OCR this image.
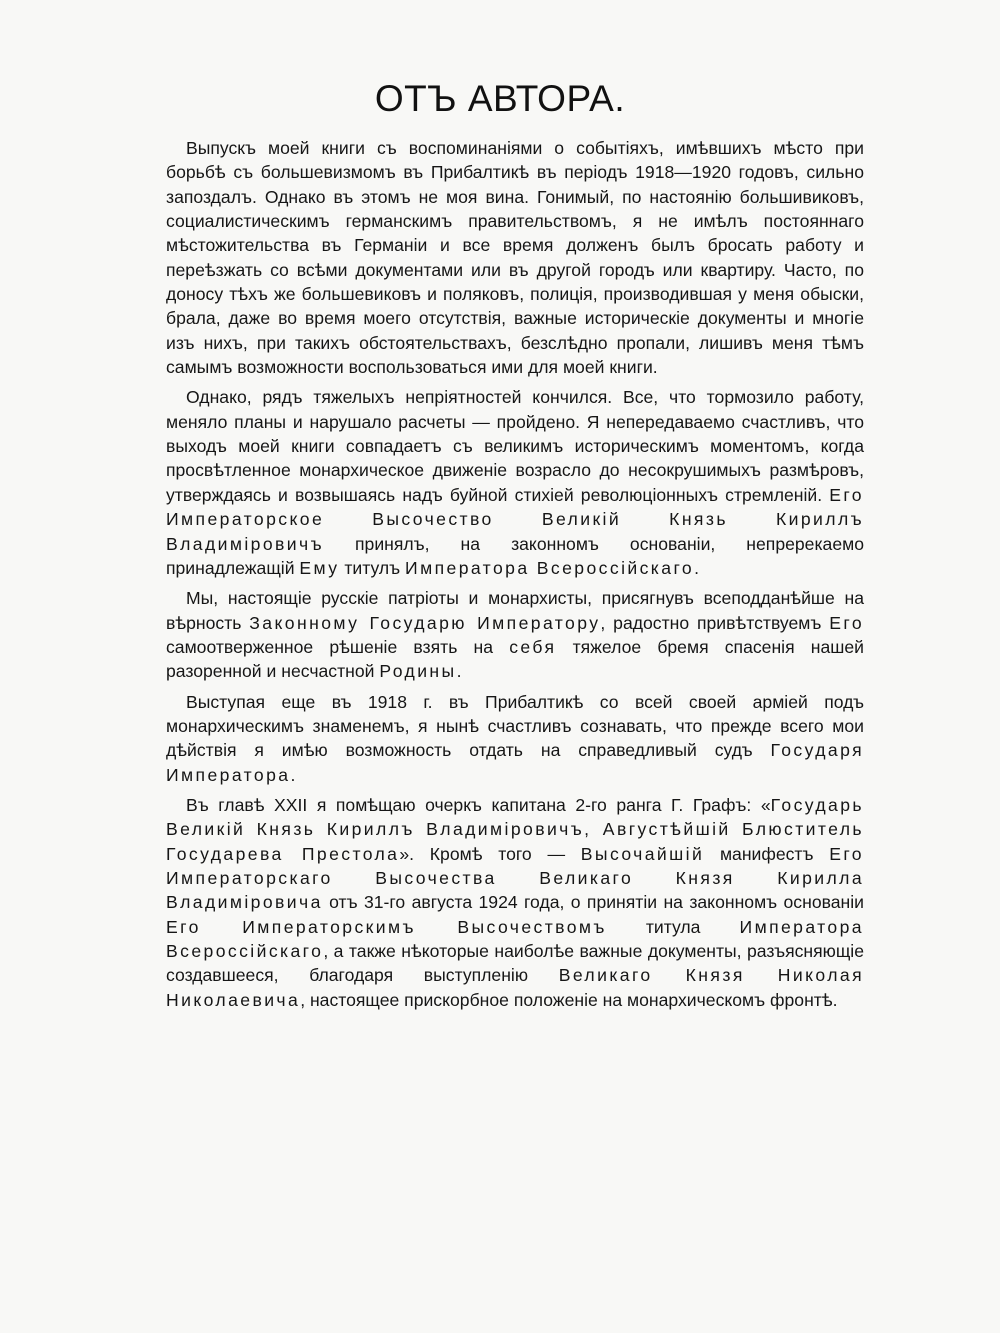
ОТЪ АВТОРА.

Выпускъ моей книги съ воспоминаніями о событіяхъ, имѣвшихъ мѣсто при борьбѣ съ большевизмомъ въ Прибалтикѣ въ періодъ 1918—1920 годовъ, сильно запоздалъ. Однако въ этомъ не моя вина. Гонимый, по настоянію большивиковъ, социалистическимъ германскимъ правительствомъ, я не имѣлъ постояннаго мѣстожительства въ Германіи и все время долженъ былъ бросать работу и переѣзжать со всѣми документами или въ другой городъ или квартиру. Часто, по доносу тѣхъ же большевиковъ и поляковъ, полиція, производившая у меня обыски, брала, даже во время моего отсутствія, важные историческіе документы и многіе изъ нихъ, при такихъ обстоятельствахъ, безслѣдно пропали, лишивъ меня тѣмъ самымъ возможности воспользоваться ими для моей книги.

Однако, рядъ тяжелыхъ непріятностей кончился. Все, что тормозило работу, меняло планы и нарушало расчеты — пройдено. Я непередаваемо счастливъ, что выходъ моей книги совпадаетъ съ великимъ историческимъ моментомъ, когда просвѣтленное монархическое движеніе возрасло до несокрушимыхъ размѣровъ, утверждаясь и возвышаясь надъ буйной стихіей революціонныхъ стремленій. Его Императорское Высочество Великій Князь Кириллъ Владиміровичъ принялъ, на законномъ основаніи, непререкаемо принадлежащій Ему титулъ Императора Всероссійскаго.

Мы, настоящіе русскіе патріоты и монархисты, присягнувъ всеподданѣйше на вѣрность Законному Государю Императору, радостно привѣтствуемъ Его самоотверженное рѣшеніе взять на себя тяжелое бремя спасенія нашей разоренной и несчастной Родины.

Выступая еще въ 1918 г. въ Прибалтикѣ со всей своей арміей подъ монархическимъ знаменемъ, я нынѣ счастливъ сознавать, что прежде всего мои дѣйствія я имѣю возможность отдать на справедливый судъ Государя Императора.

Въ главѣ XXII я помѣщаю очеркъ капитана 2-го ранга Г. Графъ: «Государь Великій Князь Кириллъ Владиміровичъ, Августѣйшій Блюститель Государева Престола». Кромѣ того — Высочайшій манифестъ Его Императорскаго Высочества Великаго Князя Кирилла Владиміровича отъ 31-го августа 1924 года, о принятіи на законномъ основаніи Его Императорскимъ Высочествомъ титула Императора Всероссійскаго, а также нѣкоторые наиболѣе важные документы, разъясняющіе создавшееся, благодаря выступленію Великаго Князя Николая Николаевича, настоящее прискорбное положеніе на монархическомъ фронтѣ.
